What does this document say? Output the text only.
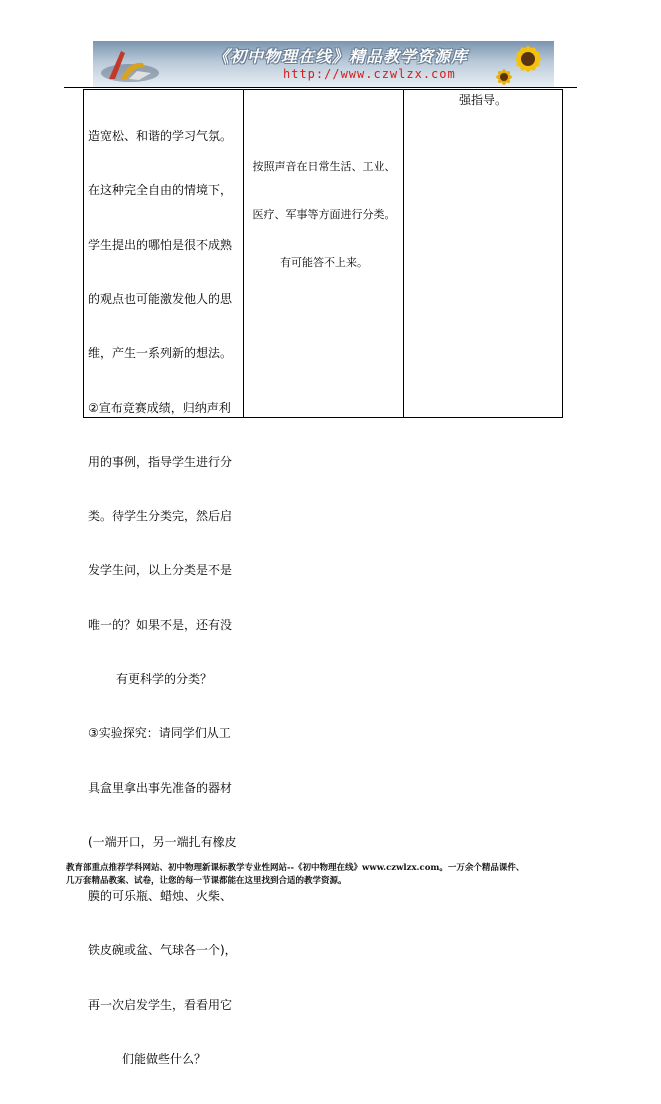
《初中物理在线》精品教学资源库
http://www.czwlzx.com

造宽松、和谐的学习气氛。

在这种完全自由的情境下，

学生提出的哪怕是很不成熟

的观点也可能激发他人的思

维，产生一系列新的想法。

②宣布竞赛成绩，归纳声利

用的事例，指导学生进行分

类。待学生分类完，然后启

发学生问，以上分类是不是

唯一的？如果不是，还有没

有更科学的分类？

③实验探究：请同学们从工

具盒里拿出事先准备的器材

(一端开口，另一端扎有橡皮

膜的可乐瓶、蜡烛、火柴、

铁皮碗或盆、气球各一个)，

再一次启发学生，看看用它

们能做些什么？

按照声音在日常生活、工业、

医疗、军事等方面进行分类。

有可能答不上来。

强指导。
教育部重点推荐学科网站、初中物理新课标教学专业性网站--《初中物理在线》www.czwlzx.com。一万余个精品课件、
几万套精品教案、试卷，让您的每一节课都能在这里找到合适的教学资源。
